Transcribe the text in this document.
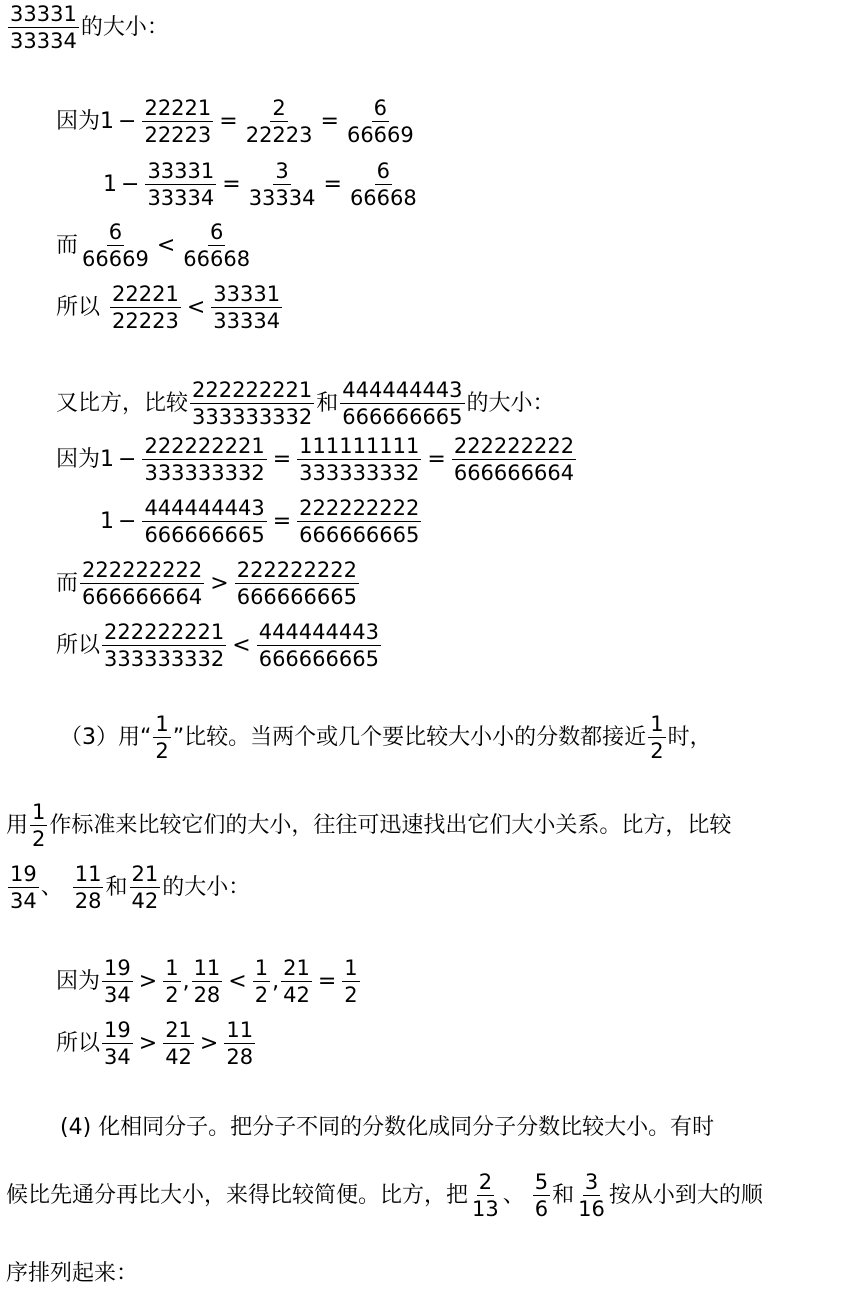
$\frac{33331}{33334}$ 的大小：
因为 $1 - \frac{22221}{22223} = \frac{2}{22223} = \frac{6}{66669}$
$1 - \frac{33331}{33334} = \frac{3}{33334} = \frac{6}{66668}$
而 $\frac{6}{66669} < \frac{6}{66668}$
所以 $\frac{22221}{22223} < \frac{33331}{33334}$
又比方，比较 $\frac{222222221}{333333332}$ 和 $\frac{444444443}{666666665}$ 的大小：
因为 $1 - \frac{222222221}{333333332} = \frac{111111111}{333333332} = \frac{222222222}{666666664}$
$1 - \frac{444444443}{666666665} = \frac{222222222}{666666665}$
而 $\frac{222222222}{666666664} > \frac{222222222}{666666665}$
所以 $\frac{222222221}{333333332} < \frac{444444443}{666666665}$
（3）用“ $\frac{1}{2}$ ”比较。当两个或几个要比较大小小的分数都接近 $\frac{1}{2}$ 时，
用 $\frac{1}{2}$ 作标准来比较它们的大小，往往可迅速找出它们大小关系。比方，比较
$\frac{19}{34}$ 、 $\frac{11}{28}$ 和 $\frac{21}{42}$ 的大小：
因为 $\frac{19}{34} > \frac{1}{2}$ , $\frac{11}{28} < \frac{1}{2}$ , $\frac{21}{42} = \frac{1}{2}$
所以 $\frac{19}{34} > \frac{21}{42} > \frac{11}{28}$
(4) 化相同分子。把分子不同的分数化成同分子分数比较大小。有时
候比先通分再比大小，来得比较简便。比方，把 $\frac{2}{13}$ 、 $\frac{5}{6}$ 和 $\frac{3}{16}$ 按从小到大的顺
序排列起来：
